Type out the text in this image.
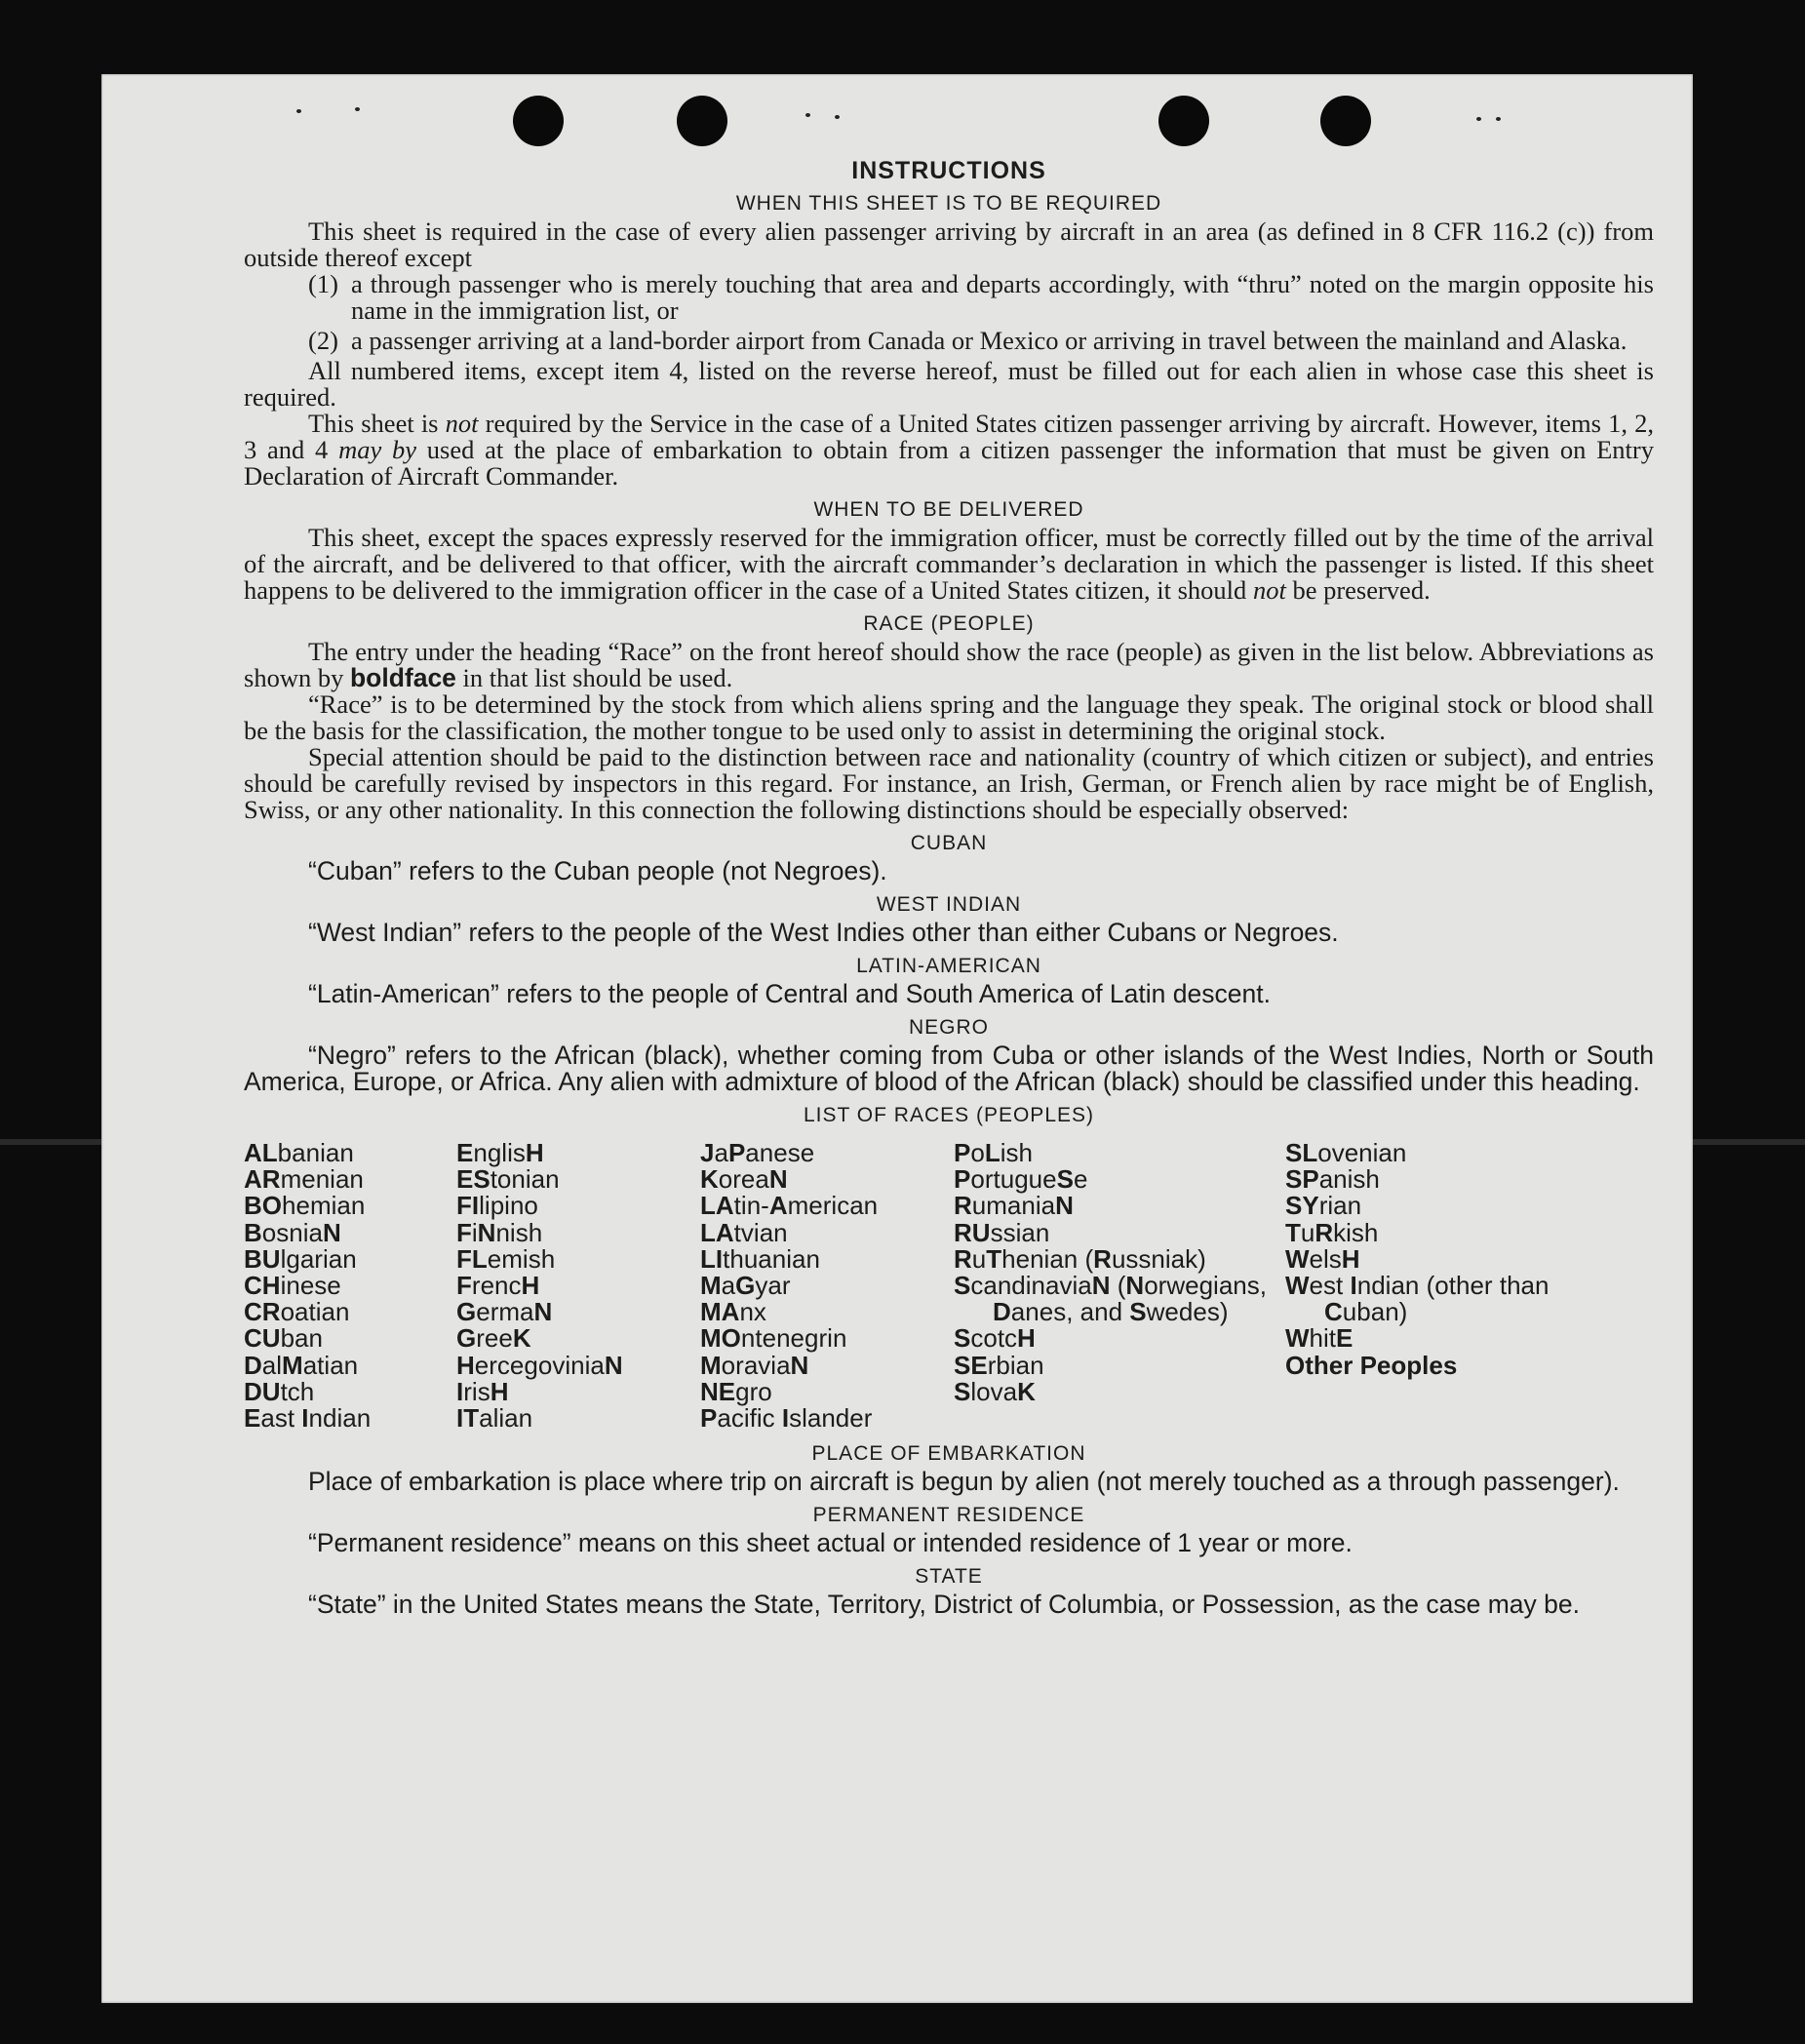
INSTRUCTIONS
WHEN THIS SHEET IS TO BE REQUIRED

This sheet is required in the case of every alien passenger arriving by aircraft in an area (as defined in 8 CFR 116.2 (c)) from outside thereof except

(1) a through passenger who is merely touching that area and departs accordingly, with “thru” noted on the margin opposite his name in the immigration list, or
(2) a passenger arriving at a land-border airport from Canada or Mexico or arriving in travel between the mainland and Alaska.

All numbered items, except item 4, listed on the reverse hereof, must be filled out for each alien in whose case this sheet is required.

This sheet is not required by the Service in the case of a United States citizen passenger arriving by aircraft. However, items 1, 2, 3 and 4 may by used at the place of embarkation to obtain from a citizen passenger the information that must be given on Entry Declaration of Aircraft Commander.

WHEN TO BE DELIVERED

This sheet, except the spaces expressly reserved for the immigration officer, must be correctly filled out by the time of the arrival of the aircraft, and be delivered to that officer, with the aircraft commander’s declaration in which the passenger is listed. If this sheet happens to be delivered to the immigration officer in the case of a United States citizen, it should not be preserved.

RACE (PEOPLE)

The entry under the heading “Race” on the front hereof should show the race (people) as given in the list below. Abbreviations as shown by boldface in that list should be used.

“Race” is to be determined by the stock from which aliens spring and the language they speak. The original stock or blood shall be the basis for the classification, the mother tongue to be used only to assist in determining the original stock.

Special attention should be paid to the distinction between race and nationality (country of which citizen or subject), and entries should be carefully revised by inspectors in this regard. For instance, an Irish, German, or French alien by race might be of English, Swiss, or any other nationality. In this connection the following distinctions should be especially observed:

CUBAN

“Cuban” refers to the Cuban people (not Negroes).

WEST INDIAN

“West Indian” refers to the people of the West Indies other than either Cubans or Negroes.

LATIN-AMERICAN

“Latin-American” refers to the people of Central and South America of Latin descent.

NEGRO

“Negro” refers to the African (black), whether coming from Cuba or other islands of the West Indies, North or South America, Europe, or Africa. Any alien with admixture of blood of the African (black) should be classified under this heading.

LIST OF RACES (PEOPLES)
ALbanian
ARmenian
BOhemian
BosniaN
BUlgarian
CHinese
CRoatian
CUban
DalMatian
DUtch
East Indian
EnglisH
EStonian
FIlipino
FiNnish
FLemish
FrencH
GermaN
GreeK
HercegoviniaN
IrisH
ITalian
JaPanese
KoreaN
LAtin-American
LAtvian
LIthuanian
MaGyar
MAnx
MOntenegrin
MoraviaN
NEgro
Pacific Islander
PoLish
PortugueSe
RumaniaN
RUssian
RuThenian (Russniak)
ScandinaviaN (Norwegians, Danes, and Swedes)
ScotcH
SErbian
SlovaK
SLovenian
SPanish
SYrian
TuRkish
WelsH
West Indian (other than Cuban)
WhitE
Other Peoples
PLACE OF EMBARKATION

Place of embarkation is place where trip on aircraft is begun by alien (not merely touched as a through passenger).

PERMANENT RESIDENCE

“Permanent residence” means on this sheet actual or intended residence of 1 year or more.

STATE

“State” in the United States means the State, Territory, District of Columbia, or Possession, as the case may be.
